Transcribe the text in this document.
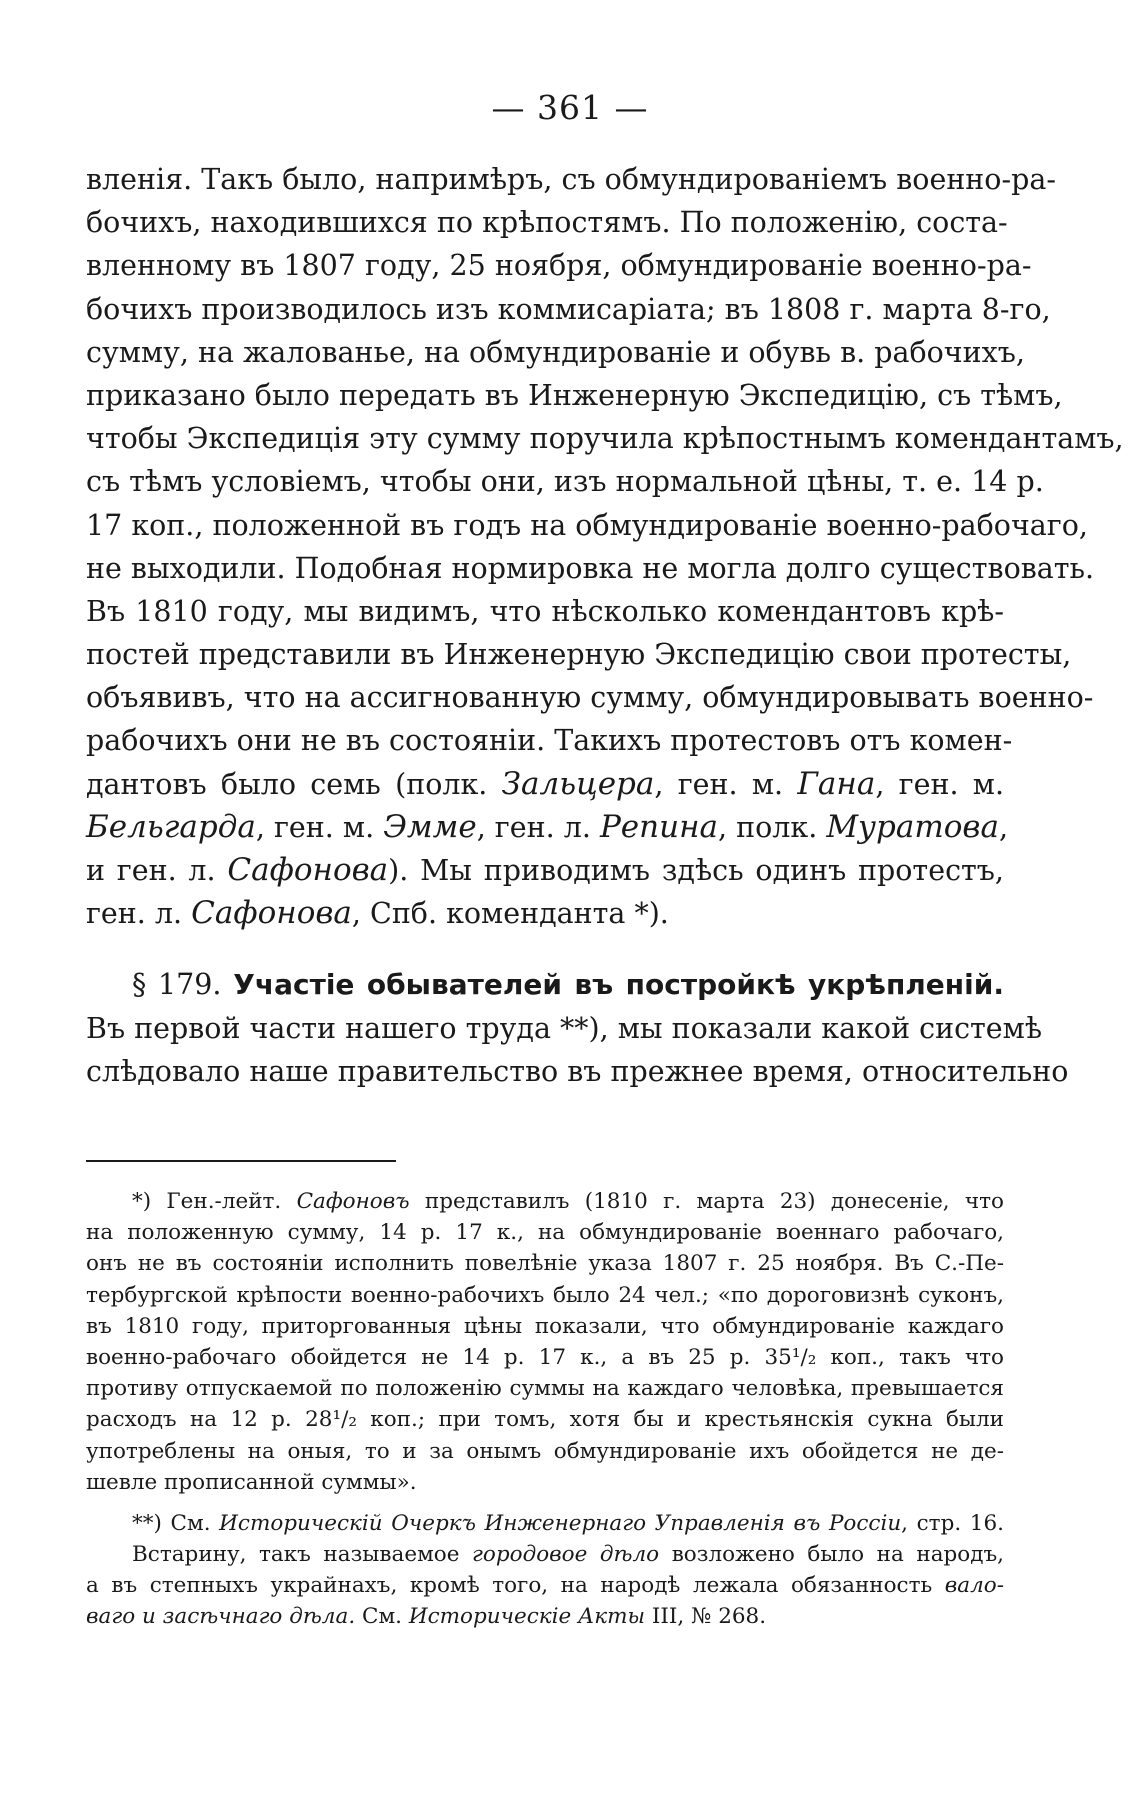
— 361 —
вленія. Такъ было, напримѣръ, съ обмундированіемъ военно-ра-
бочихъ, находившихся по крѣпостямъ. По положенію, соста-
вленному въ 1807 году, 25 ноября, обмундированіе военно-ра-
бочихъ производилось изъ коммисаріата; въ 1808 г. марта 8-го,
сумму, на жалованье, на обмундированіе и обувь в. рабочихъ,
приказано было передать въ Инженерную Экспедицію, съ тѣмъ,
чтобы Экспедиція эту сумму поручила крѣпостнымъ комендантамъ,
съ тѣмъ условіемъ, чтобы они, изъ нормальной цѣны, т. е. 14 р.
17 коп., положенной въ годъ на обмундированіе военно-рабочаго,
не выходили. Подобная нормировка не могла долго существовать.
Въ 1810 году, мы видимъ, что нѣсколько комендантовъ крѣ-
постей представили въ Инженерную Экспедицію свои протесты,
объявивъ, что на ассигнованную сумму, обмундировывать военно-
рабочихъ они не въ состояніи. Такихъ протестовъ отъ комен-
дантовъ было семь (полк. Зальцера, ген. м. Гана, ген. м.
Бельгарда, ген. м. Эмме, ген. л. Репина, полк. Муратова,
и ген. л. Сафонова). Мы приводимъ здѣсь одинъ протестъ,
ген. л. Сафонова, Спб. коменданта *).
§ 179. Участіе обывателей въ постройкѣ укрѣпленій.
Въ первой части нашего труда **), мы показали какой системѣ
слѣдовало наше правительство въ прежнее время, относительно
*) Ген.-лейт. Сафоновъ представилъ (1810 г. марта 23) донесеніе, что
на положенную сумму, 14 р. 17 к., на обмундированіе военнаго рабочаго,
онъ не въ состояніи исполнить повелѣніе указа 1807 г. 25 ноября. Въ С.-Пе-
тербургской крѣпости военно-рабочихъ было 24 чел.; «по дороговизнѣ суконъ,
въ 1810 году, приторгованныя цѣны показали, что обмундированіе каждаго
военно-рабочаго обойдется не 14 р. 17 к., а въ 25 р. 35¹/₂ коп., такъ что
противу отпускаемой по положенію суммы на каждаго человѣка, превышается
расходъ на 12 р. 28¹/₂ коп.; при томъ, хотя бы и крестьянскія сукна были
употреблены на оныя, то и за онымъ обмундированіе ихъ обойдется не де-
шевле прописанной суммы».
**) См. Историческій Очеркъ Инженернаго Управленія въ Россіи, стр. 16.
Встарину, такъ называемое городовое дѣло возложено было на народъ,
а въ степныхъ украйнахъ, кромѣ того, на народѣ лежала обязанность вало-
ваго и засѣчнаго дѣла. См. Историческіе Акты III, № 268.
